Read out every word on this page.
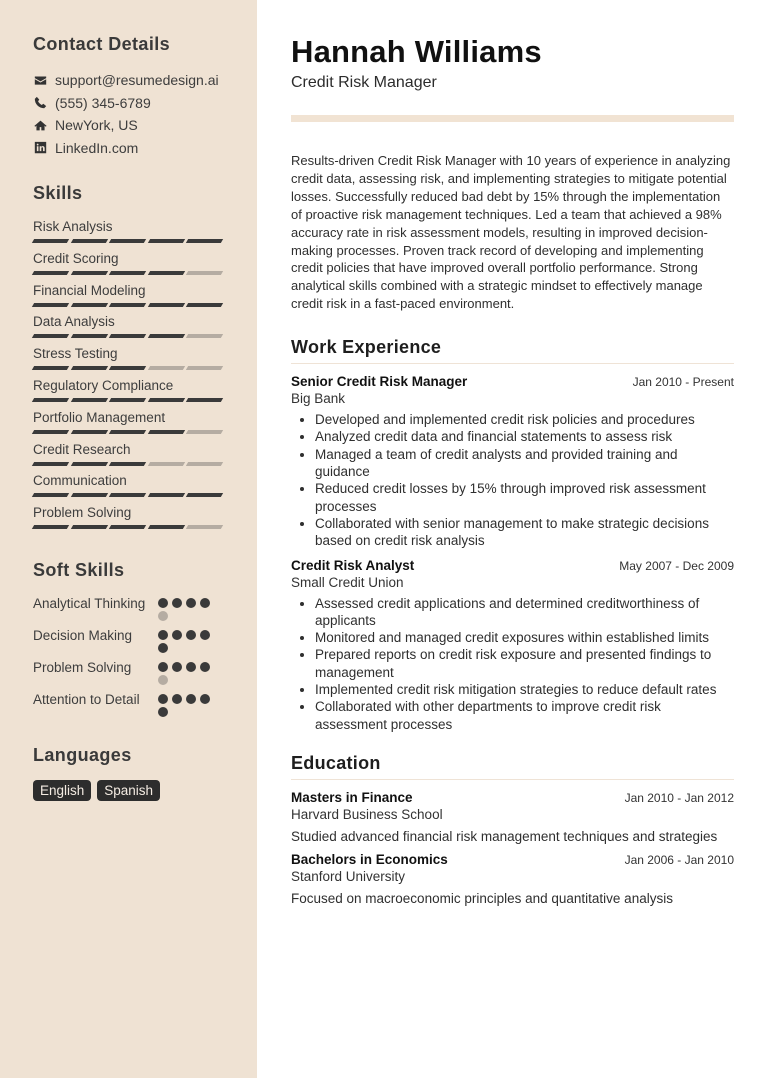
Contact Details
support@resumedesign.ai
(555) 345-6789
NewYork, US
LinkedIn.com
Skills
Risk Analysis
Credit Scoring
Financial Modeling
Data Analysis
Stress Testing
Regulatory Compliance
Portfolio Management
Credit Research
Communication
Problem Solving
Soft Skills
Analytical Thinking
Decision Making
Problem Solving
Attention to Detail
Languages
English	Spanish
Hannah Williams
Credit Risk Manager

Results-driven Credit Risk Manager with 10 years of experience in analyzing credit data, assessing risk, and implementing strategies to mitigate potential losses. Successfully reduced bad debt by 15% through the implementation of proactive risk management techniques. Led a team that achieved a 98% accuracy rate in risk assessment models, resulting in improved decision-making processes. Proven track record of developing and implementing credit policies that have improved overall portfolio performance. Strong analytical skills combined with a strategic mindset to effectively manage credit risk in a fast-paced environment.

Work Experience
Senior Credit Risk Manager	Jan 2010 - Present
Big Bank
• Developed and implemented credit risk policies and procedures
• Analyzed credit data and financial statements to assess risk
• Managed a team of credit analysts and provided training and guidance
• Reduced credit losses by 15% through improved risk assessment processes
• Collaborated with senior management to make strategic decisions based on credit risk analysis
Credit Risk Analyst	May 2007 - Dec 2009
Small Credit Union
• Assessed credit applications and determined creditworthiness of applicants
• Monitored and managed credit exposures within established limits
• Prepared reports on credit risk exposure and presented findings to management
• Implemented credit risk mitigation strategies to reduce default rates
• Collaborated with other departments to improve credit risk assessment processes
Education
Masters in Finance	Jan 2010 - Jan 2012
Harvard Business School
Studied advanced financial risk management techniques and strategies
Bachelors in Economics	Jan 2006 - Jan 2010
Stanford University
Focused on macroeconomic principles and quantitative analysis
